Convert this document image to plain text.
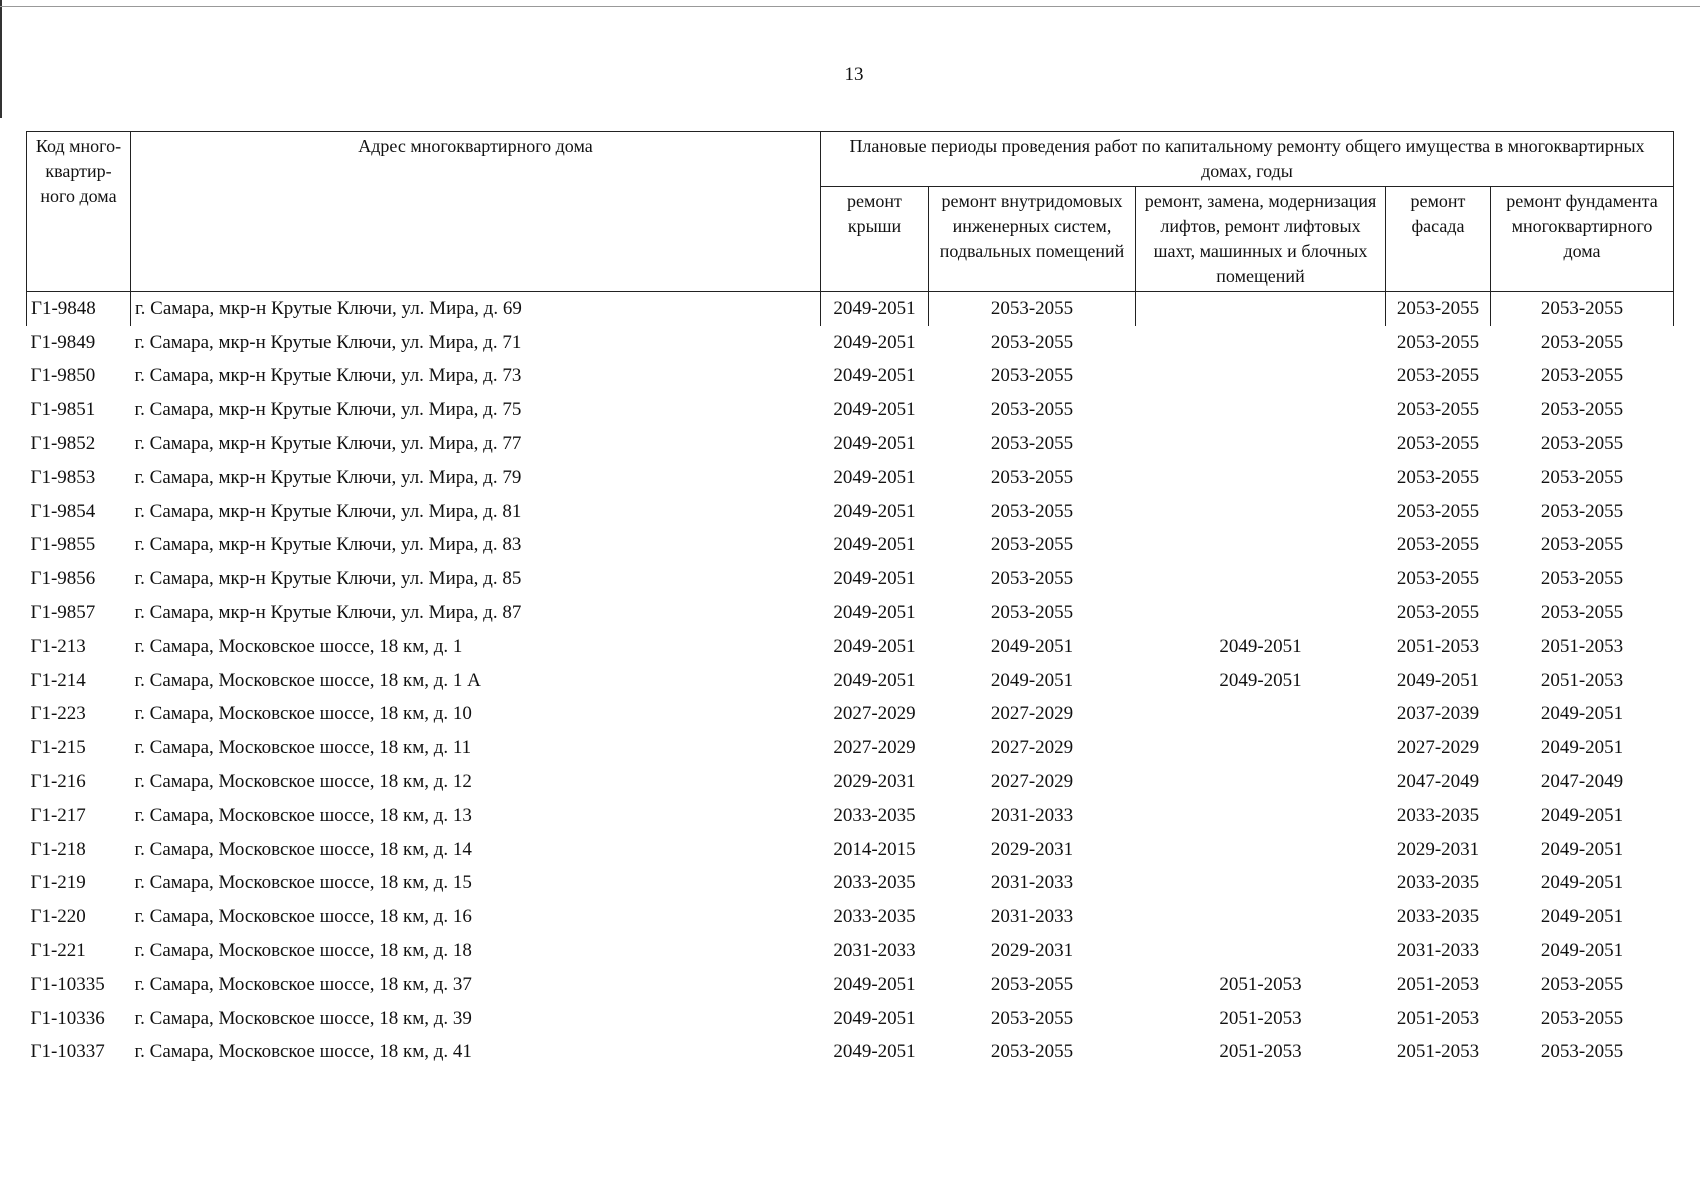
13
Код много-квартир-ного дома	Адрес многоквартирного дома	Плановые периоды проведения работ по капитальному ремонту общего имущества в многоквартирных домах, годы				
		ремонт крыши	ремонт внутридомовых инженерных систем, подвальных помещений	ремонт, замена, модернизация лифтов, ремонт лифтовых шахт, машинных и блочных помещений	ремонт фасада	ремонт фундамента многоквартирного дома
Г1-9848	г. Самара, мкр-н Крутые Ключи, ул. Мира, д. 69	2049-2051	2053-2055		2053-2055	2053-2055
Г1-9849	г. Самара, мкр-н Крутые Ключи, ул. Мира, д. 71	2049-2051	2053-2055		2053-2055	2053-2055
Г1-9850	г. Самара, мкр-н Крутые Ключи, ул. Мира, д. 73	2049-2051	2053-2055		2053-2055	2053-2055
Г1-9851	г. Самара, мкр-н Крутые Ключи, ул. Мира, д. 75	2049-2051	2053-2055		2053-2055	2053-2055
Г1-9852	г. Самара, мкр-н Крутые Ключи, ул. Мира, д. 77	2049-2051	2053-2055		2053-2055	2053-2055
Г1-9853	г. Самара, мкр-н Крутые Ключи, ул. Мира, д. 79	2049-2051	2053-2055		2053-2055	2053-2055
Г1-9854	г. Самара, мкр-н Крутые Ключи, ул. Мира, д. 81	2049-2051	2053-2055		2053-2055	2053-2055
Г1-9855	г. Самара, мкр-н Крутые Ключи, ул. Мира, д. 83	2049-2051	2053-2055		2053-2055	2053-2055
Г1-9856	г. Самара, мкр-н Крутые Ключи, ул. Мира, д. 85	2049-2051	2053-2055		2053-2055	2053-2055
Г1-9857	г. Самара, мкр-н Крутые Ключи, ул. Мира, д. 87	2049-2051	2053-2055		2053-2055	2053-2055
Г1-213	г. Самара, Московское шоссе, 18 км, д. 1	2049-2051	2049-2051	2049-2051	2051-2053	2051-2053
Г1-214	г. Самара, Московское шоссе, 18 км, д. 1 А	2049-2051	2049-2051	2049-2051	2049-2051	2051-2053
Г1-223	г. Самара, Московское шоссе, 18 км, д. 10	2027-2029	2027-2029		2037-2039	2049-2051
Г1-215	г. Самара, Московское шоссе, 18 км, д. 11	2027-2029	2027-2029		2027-2029	2049-2051
Г1-216	г. Самара, Московское шоссе, 18 км, д. 12	2029-2031	2027-2029		2047-2049	2047-2049
Г1-217	г. Самара, Московское шоссе, 18 км, д. 13	2033-2035	2031-2033		2033-2035	2049-2051
Г1-218	г. Самара, Московское шоссе, 18 км, д. 14	2014-2015	2029-2031		2029-2031	2049-2051
Г1-219	г. Самара, Московское шоссе, 18 км, д. 15	2033-2035	2031-2033		2033-2035	2049-2051
Г1-220	г. Самара, Московское шоссе, 18 км, д. 16	2033-2035	2031-2033		2033-2035	2049-2051
Г1-221	г. Самара, Московское шоссе, 18 км, д. 18	2031-2033	2029-2031		2031-2033	2049-2051
Г1-10335	г. Самара, Московское шоссе, 18 км, д. 37	2049-2051	2053-2055	2051-2053	2051-2053	2053-2055
Г1-10336	г. Самара, Московское шоссе, 18 км, д. 39	2049-2051	2053-2055	2051-2053	2051-2053	2053-2055
Г1-10337	г. Самара, Московское шоссе, 18 км, д. 41	2049-2051	2053-2055	2051-2053	2051-2053	2053-2055
